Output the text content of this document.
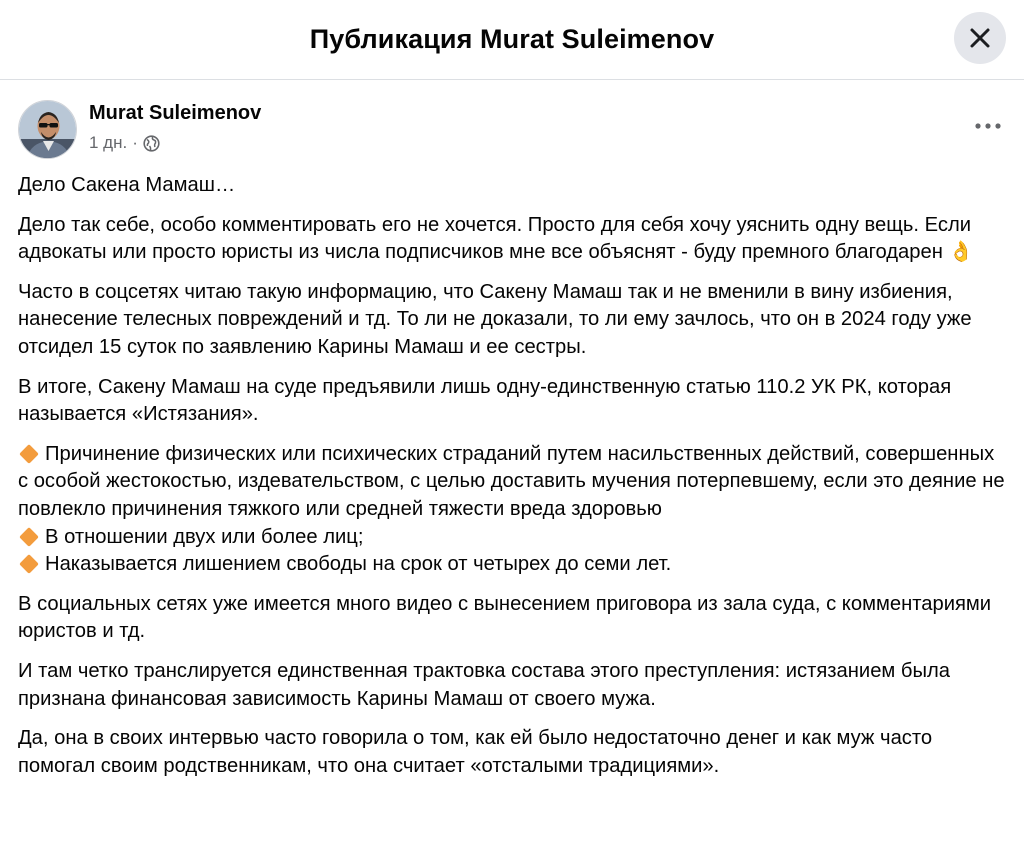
Публикация Murat Suleimenov
Murat Suleimenov
1 дн. ·

Дело Сакена Мамаш…

Дело так себе, особо комментировать его не хочется. Просто для себя хочу уяснить одну вещь. Если адвокаты или просто юристы из числа подписчиков мне все объяснят - буду премного благодарен 👌

Часто в соцсетях читаю такую информацию, что Сакену Мамаш так и не вменили в вину избиения, нанесение телесных повреждений и тд. То ли не доказали, то ли ему зачлось, что он в 2024 году уже отсидел 15 суток по заявлению Карины Мамаш и ее сестры.

В итоге, Сакену Мамаш на суде предъявили лишь одну-единственную статью 110.2 УК РК, которая называется «Истязания».

Причинение физических или психических страданий путем насильственных действий, совершенных с особой жестокостью, издевательством, с целью доставить мучения потерпевшему, если это деяние не повлекло причинения тяжкого или средней тяжести вреда здоровью
В отношении двух или более лиц;
Наказывается лишением свободы на срок от четырех до семи лет.

В социальных сетях уже имеется много видео с вынесением приговора из зала суда, с комментариями юристов и тд.

И там четко транслируется единственная трактовка состава этого преступления: истязанием была признана финансовая зависимость Карины Мамаш от своего мужа.

Да, она в своих интервью часто говорила о том, как ей было недостаточно денег и как муж часто помогал своим родственникам, что она считает «отсталыми традициями».
